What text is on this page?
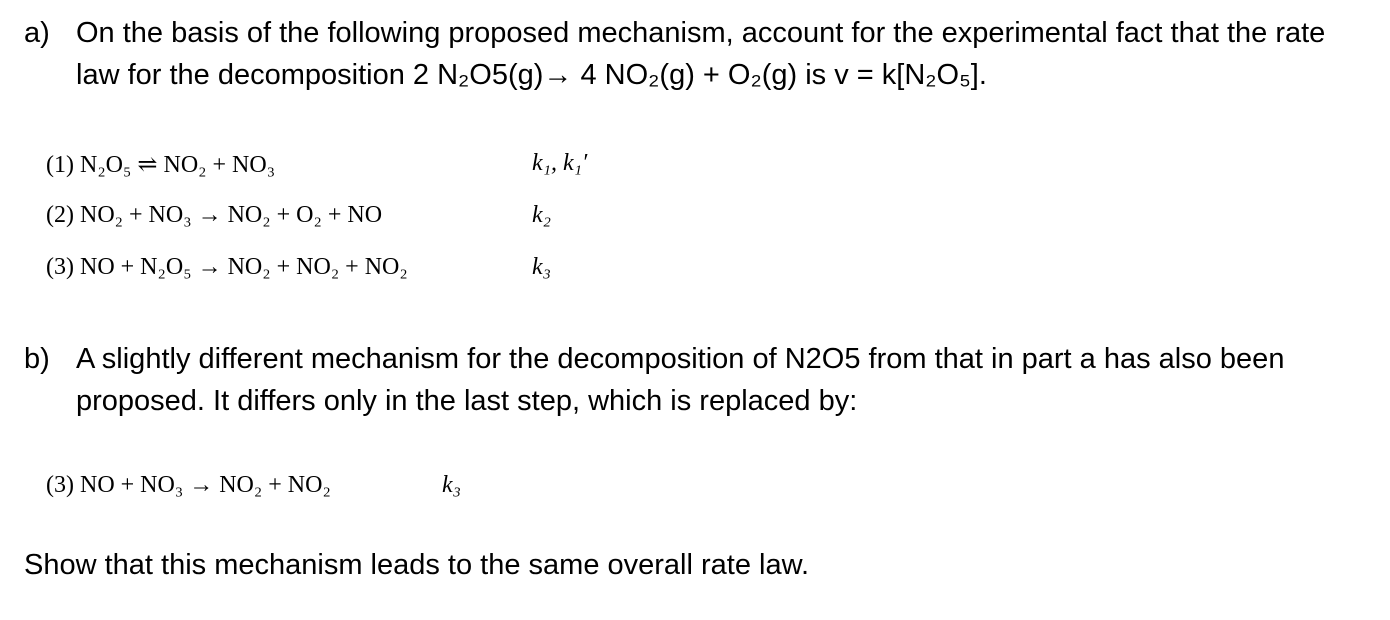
a) On the basis of the following proposed mechanism, account for the experimental fact that the rate law for the decomposition 2 N₂O5(g)→ 4 NO₂(g) + O₂(g) is v = k[N₂O₅].
(1) N₂O₅ ⇌ NO₂ + NO₃	k₁, k₁′
(2) NO₂ + NO₃ → NO₂ + O₂ + NO	k₂
(3) NO + N₂O₅ → NO₂ + NO₂ + NO₂	k₃
b) A slightly different mechanism for the decomposition of N2O5 from that in part a has also been proposed. It differs only in the last step, which is replaced by:
(3) NO + NO₃ → NO₂ + NO₂	k₃
Show that this mechanism leads to the same overall rate law.
